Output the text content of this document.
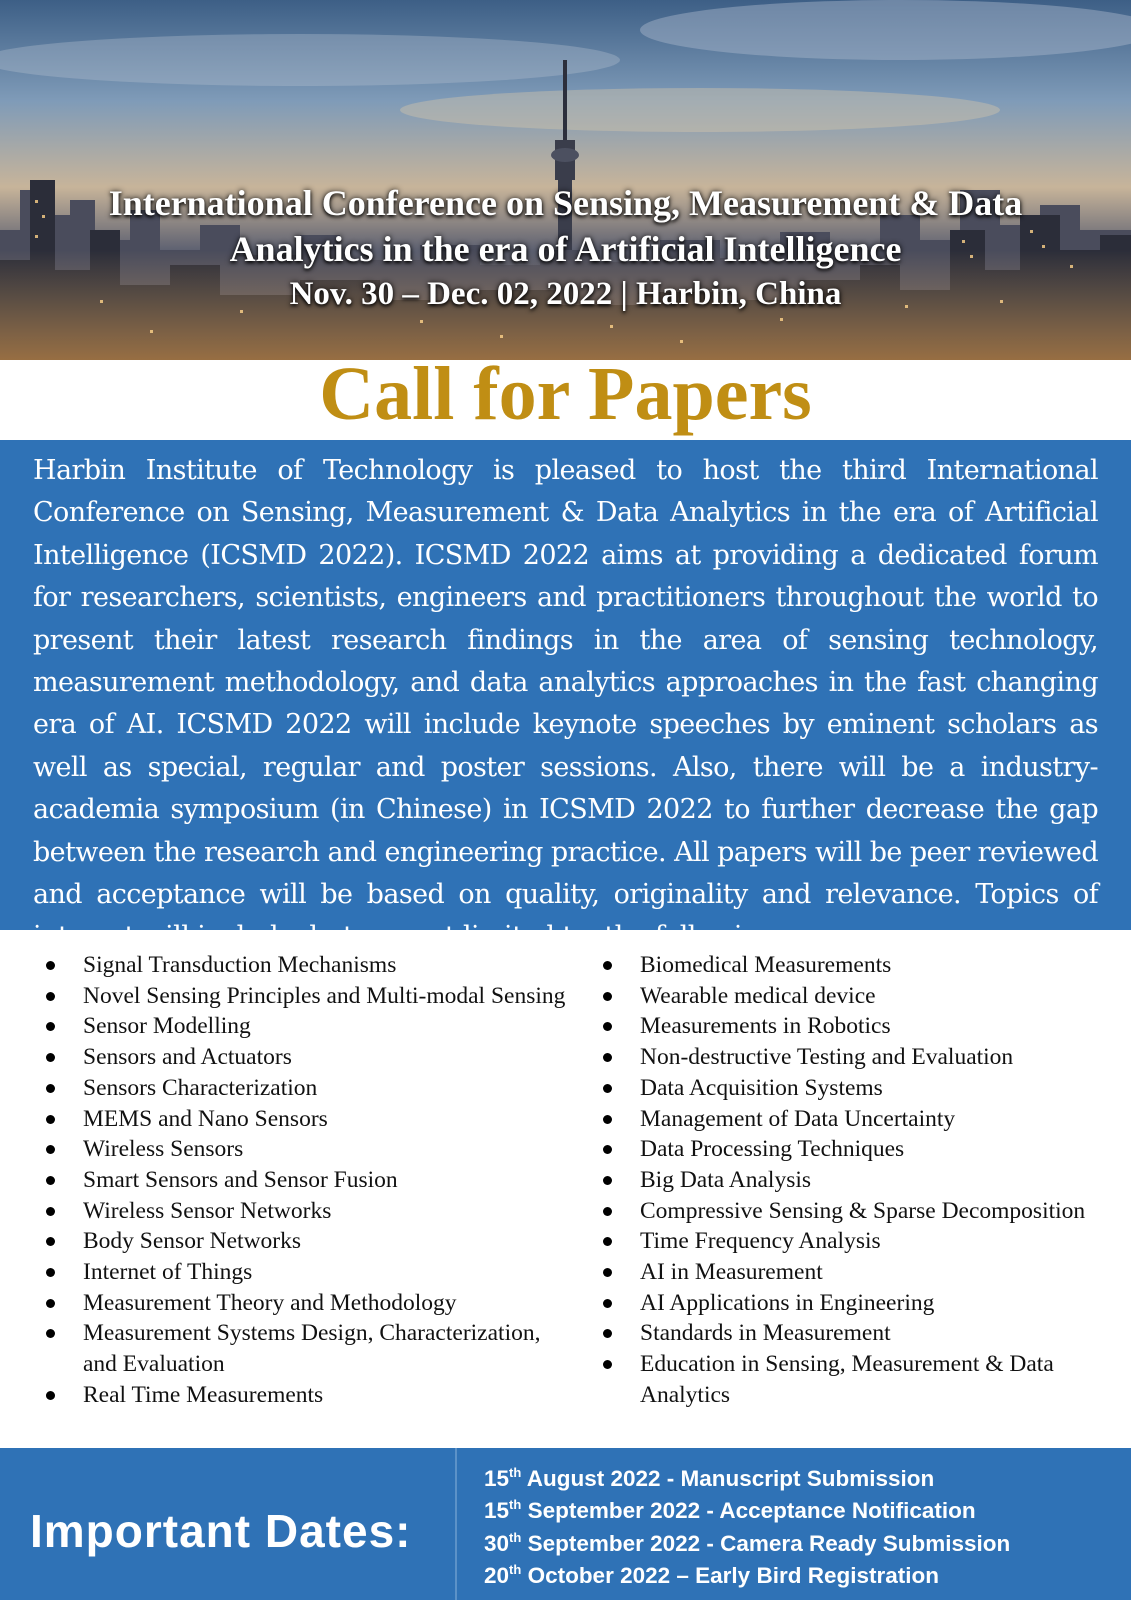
International Conference on Sensing, Measurement & Data
Analytics in the era of Artificial Intelligence
Nov. 30 – Dec. 02, 2022 | Harbin, China
Call for Papers

Harbin Institute of Technology is pleased to host the third International Conference on Sensing, Measurement & Data Analytics in the era of Artificial Intelligence (ICSMD 2022). ICSMD 2022 aims at providing a dedicated forum for researchers, scientists, engineers and practitioners throughout the world to present their latest research findings in the area of sensing technology, measurement methodology, and data analytics approaches in the fast changing era of AI. ICSMD 2022 will include keynote speeches by eminent scholars as well as special, regular and poster sessions. Also, there will be a industry-academia symposium (in Chinese) in ICSMD 2022 to further decrease the gap between the research and engineering practice. All papers will be peer reviewed and acceptance will be based on quality, originality and relevance. Topics of interest will include, but are not limited to, the following:

Signal Transduction Mechanisms
Novel Sensing Principles and Multi-modal Sensing
Sensor Modelling
Sensors and Actuators
Sensors Characterization
MEMS and Nano Sensors
Wireless Sensors
Smart Sensors and Sensor Fusion
Wireless Sensor Networks
Body Sensor Networks
Internet of Things
Measurement Theory and Methodology
Measurement Systems Design, Characterization, and Evaluation
Real Time Measurements
Biomedical Measurements
Wearable medical device
Measurements in Robotics
Non-destructive Testing and Evaluation
Data Acquisition Systems
Management of Data Uncertainty
Data Processing Techniques
Big Data Analysis
Compressive Sensing & Sparse Decomposition
Time Frequency Analysis
AI in Measurement
AI Applications in Engineering
Standards in Measurement
Education in Sensing, Measurement & Data Analytics
Important Dates:
15th August 2022 - Manuscript Submission
15th September 2022 - Acceptance Notification
30th September 2022 - Camera Ready Submission
20th October 2022 – Early Bird Registration
